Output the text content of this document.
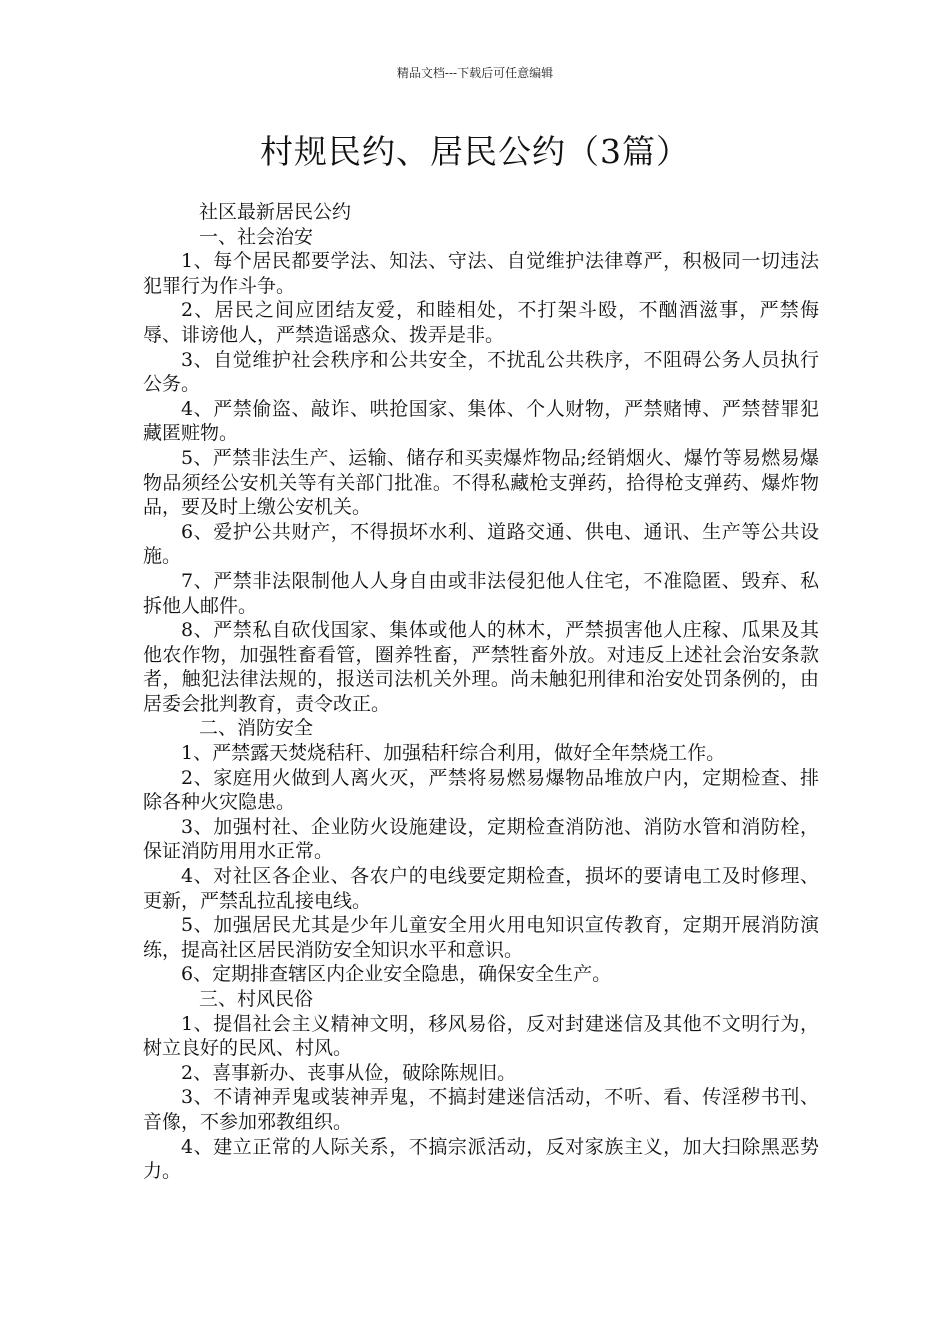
精品文档---下载后可任意编辑
村规民约、居民公约（3篇）

社区最新居民公约

一、社会治安

1、每个居民都要学法、知法、守法、自觉维护法律尊严，积极同一切违法犯罪行为作斗争。

2、居民之间应团结友爱，和睦相处，不打架斗殴，不酗酒滋事，严禁侮辱、诽谤他人，严禁造谣惑众、拨弄是非。

3、自觉维护社会秩序和公共安全，不扰乱公共秩序，不阻碍公务人员执行公务。

4、严禁偷盗、敲诈、哄抢国家、集体、个人财物，严禁赌博、严禁替罪犯藏匿赃物。

5、严禁非法生产、运输、储存和买卖爆炸物品;经销烟火、爆竹等易燃易爆物品须经公安机关等有关部门批准。不得私藏枪支弹药，拾得枪支弹药、爆炸物品，要及时上缴公安机关。

6、爱护公共财产，不得损坏水利、道路交通、供电、通讯、生产等公共设施。

7、严禁非法限制他人人身自由或非法侵犯他人住宅，不准隐匿、毁弃、私拆他人邮件。

8、严禁私自砍伐国家、集体或他人的林木，严禁损害他人庄稼、瓜果及其他农作物，加强牲畜看管，圈养牲畜，严禁牲畜外放。对违反上述社会治安条款者，触犯法律法规的，报送司法机关外理。尚未触犯刑律和治安处罚条例的，由居委会批判教育，责令改正。

二、消防安全

1、严禁露天焚烧秸秆、加强秸秆综合利用，做好全年禁烧工作。

2、家庭用火做到人离火灭，严禁将易燃易爆物品堆放户内，定期检查、排除各种火灾隐患。

3、加强村社、企业防火设施建设，定期检查消防池、消防水管和消防栓，保证消防用用水正常。

4、对社区各企业、各农户的电线要定期检查，损坏的要请电工及时修理、更新，严禁乱拉乱接电线。

5、加强居民尤其是少年儿童安全用火用电知识宣传教育，定期开展消防演练，提高社区居民消防安全知识水平和意识。

6、定期排查辖区内企业安全隐患，确保安全生产。

三、村风民俗

1、提倡社会主义精神文明，移风易俗，反对封建迷信及其他不文明行为，树立良好的民风、村风。

2、喜事新办、丧事从俭，破除陈规旧。

3、不请神弄鬼或装神弄鬼，不搞封建迷信活动，不听、看、传淫秽书刊、音像，不参加邪教组织。

4、建立正常的人际关系，不搞宗派活动，反对家族主义，加大扫除黑恶势力。
